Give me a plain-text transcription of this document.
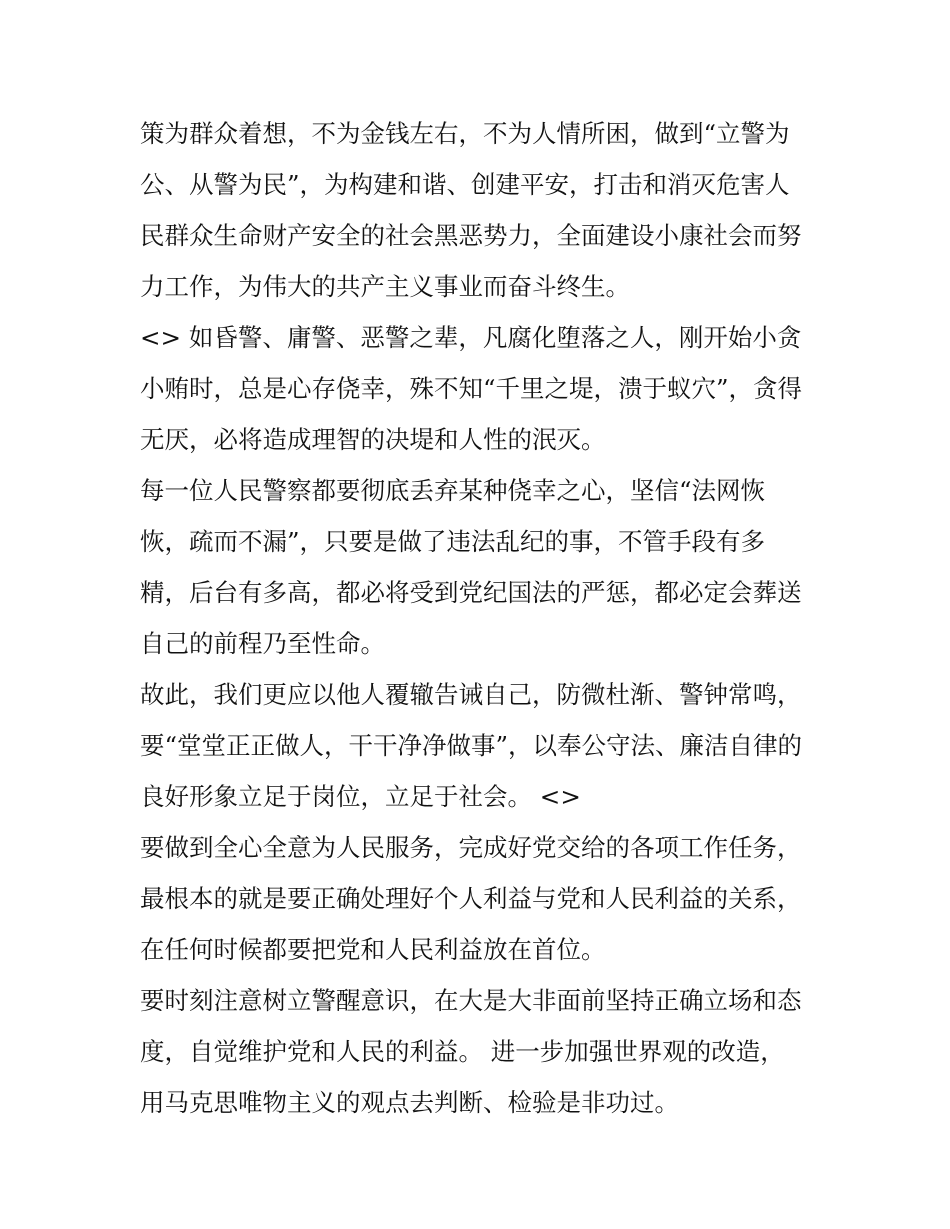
策为群众着想，不为金钱左右，不为人情所困，做到“立警为
公、从警为民”，为构建和谐、创建平安，打击和消灭危害人
民群众生命财产安全的社会黑恶势力，全面建设小康社会而努
力工作，为伟大的共产主义事业而奋斗终生。
<> 如昏警、庸警、恶警之辈，凡腐化堕落之人，刚开始小贪
小贿时，总是心存侥幸，殊不知“千里之堤，溃于蚁穴”，贪得
无厌，必将造成理智的决堤和人性的泯灭。
每一位人民警察都要彻底丢弃某种侥幸之心，坚信“法网恢
恢，疏而不漏”，只要是做了违法乱纪的事，不管手段有多
精，后台有多高，都必将受到党纪国法的严惩，都必定会葬送
自己的前程乃至性命。
故此，我们更应以他人覆辙告诫自己，防微杜渐、警钟常鸣，
要“堂堂正正做人，干干净净做事”，以奉公守法、廉洁自律的
良好形象立足于岗位，立足于社会。 <>
要做到全心全意为人民服务，完成好党交给的各项工作任务，
最根本的就是要正确处理好个人利益与党和人民利益的关系，
在任何时候都要把党和人民利益放在首位。
要时刻注意树立警醒意识，在大是大非面前坚持正确立场和态
度，自觉维护党和人民的利益。 进一步加强世界观的改造，
用马克思唯物主义的观点去判断、检验是非功过。
